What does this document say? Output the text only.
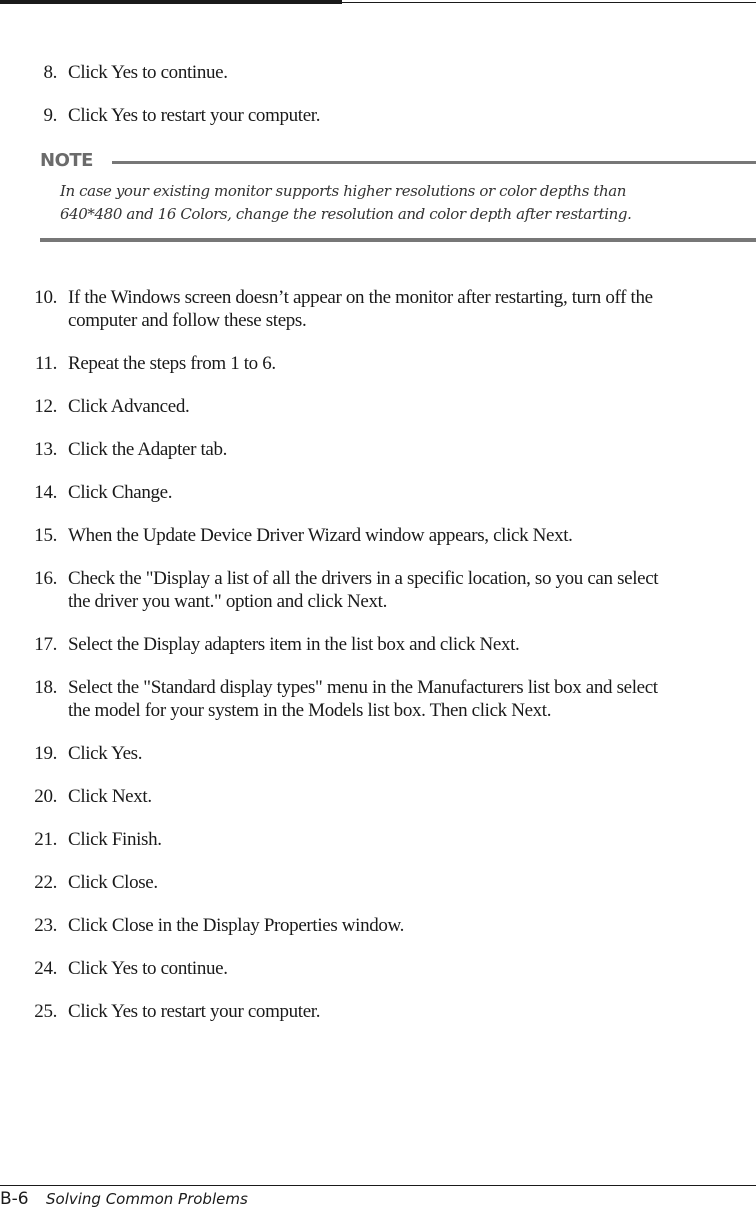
8. Click Yes to continue.
9. Click Yes to restart your computer.
NOTE
In case your existing monitor supports higher resolutions or color depths than
640*480 and 16 Colors, change the resolution and color depth after restarting.
10. If the Windows screen doesn’t appear on the monitor after restarting, turn off the
computer and follow these steps.
11. Repeat the steps from 1 to 6.
12. Click Advanced.
13. Click the Adapter tab.
14. Click Change.
15. When the Update Device Driver Wizard window appears, click Next.
16. Check the "Display a list of all the drivers in a specific location, so you can select
the driver you want." option and click Next.
17. Select the Display adapters item in the list box and click Next.
18. Select the "Standard display types" menu in the Manufacturers list box and select
the model for your system in the Models list box. Then click Next.
19. Click Yes.
20. Click Next.
21. Click Finish.
22. Click Close.
23. Click Close in the Display Properties window.
24. Click Yes to continue.
25. Click Yes to restart your computer.
B-6 Solving Common Problems
